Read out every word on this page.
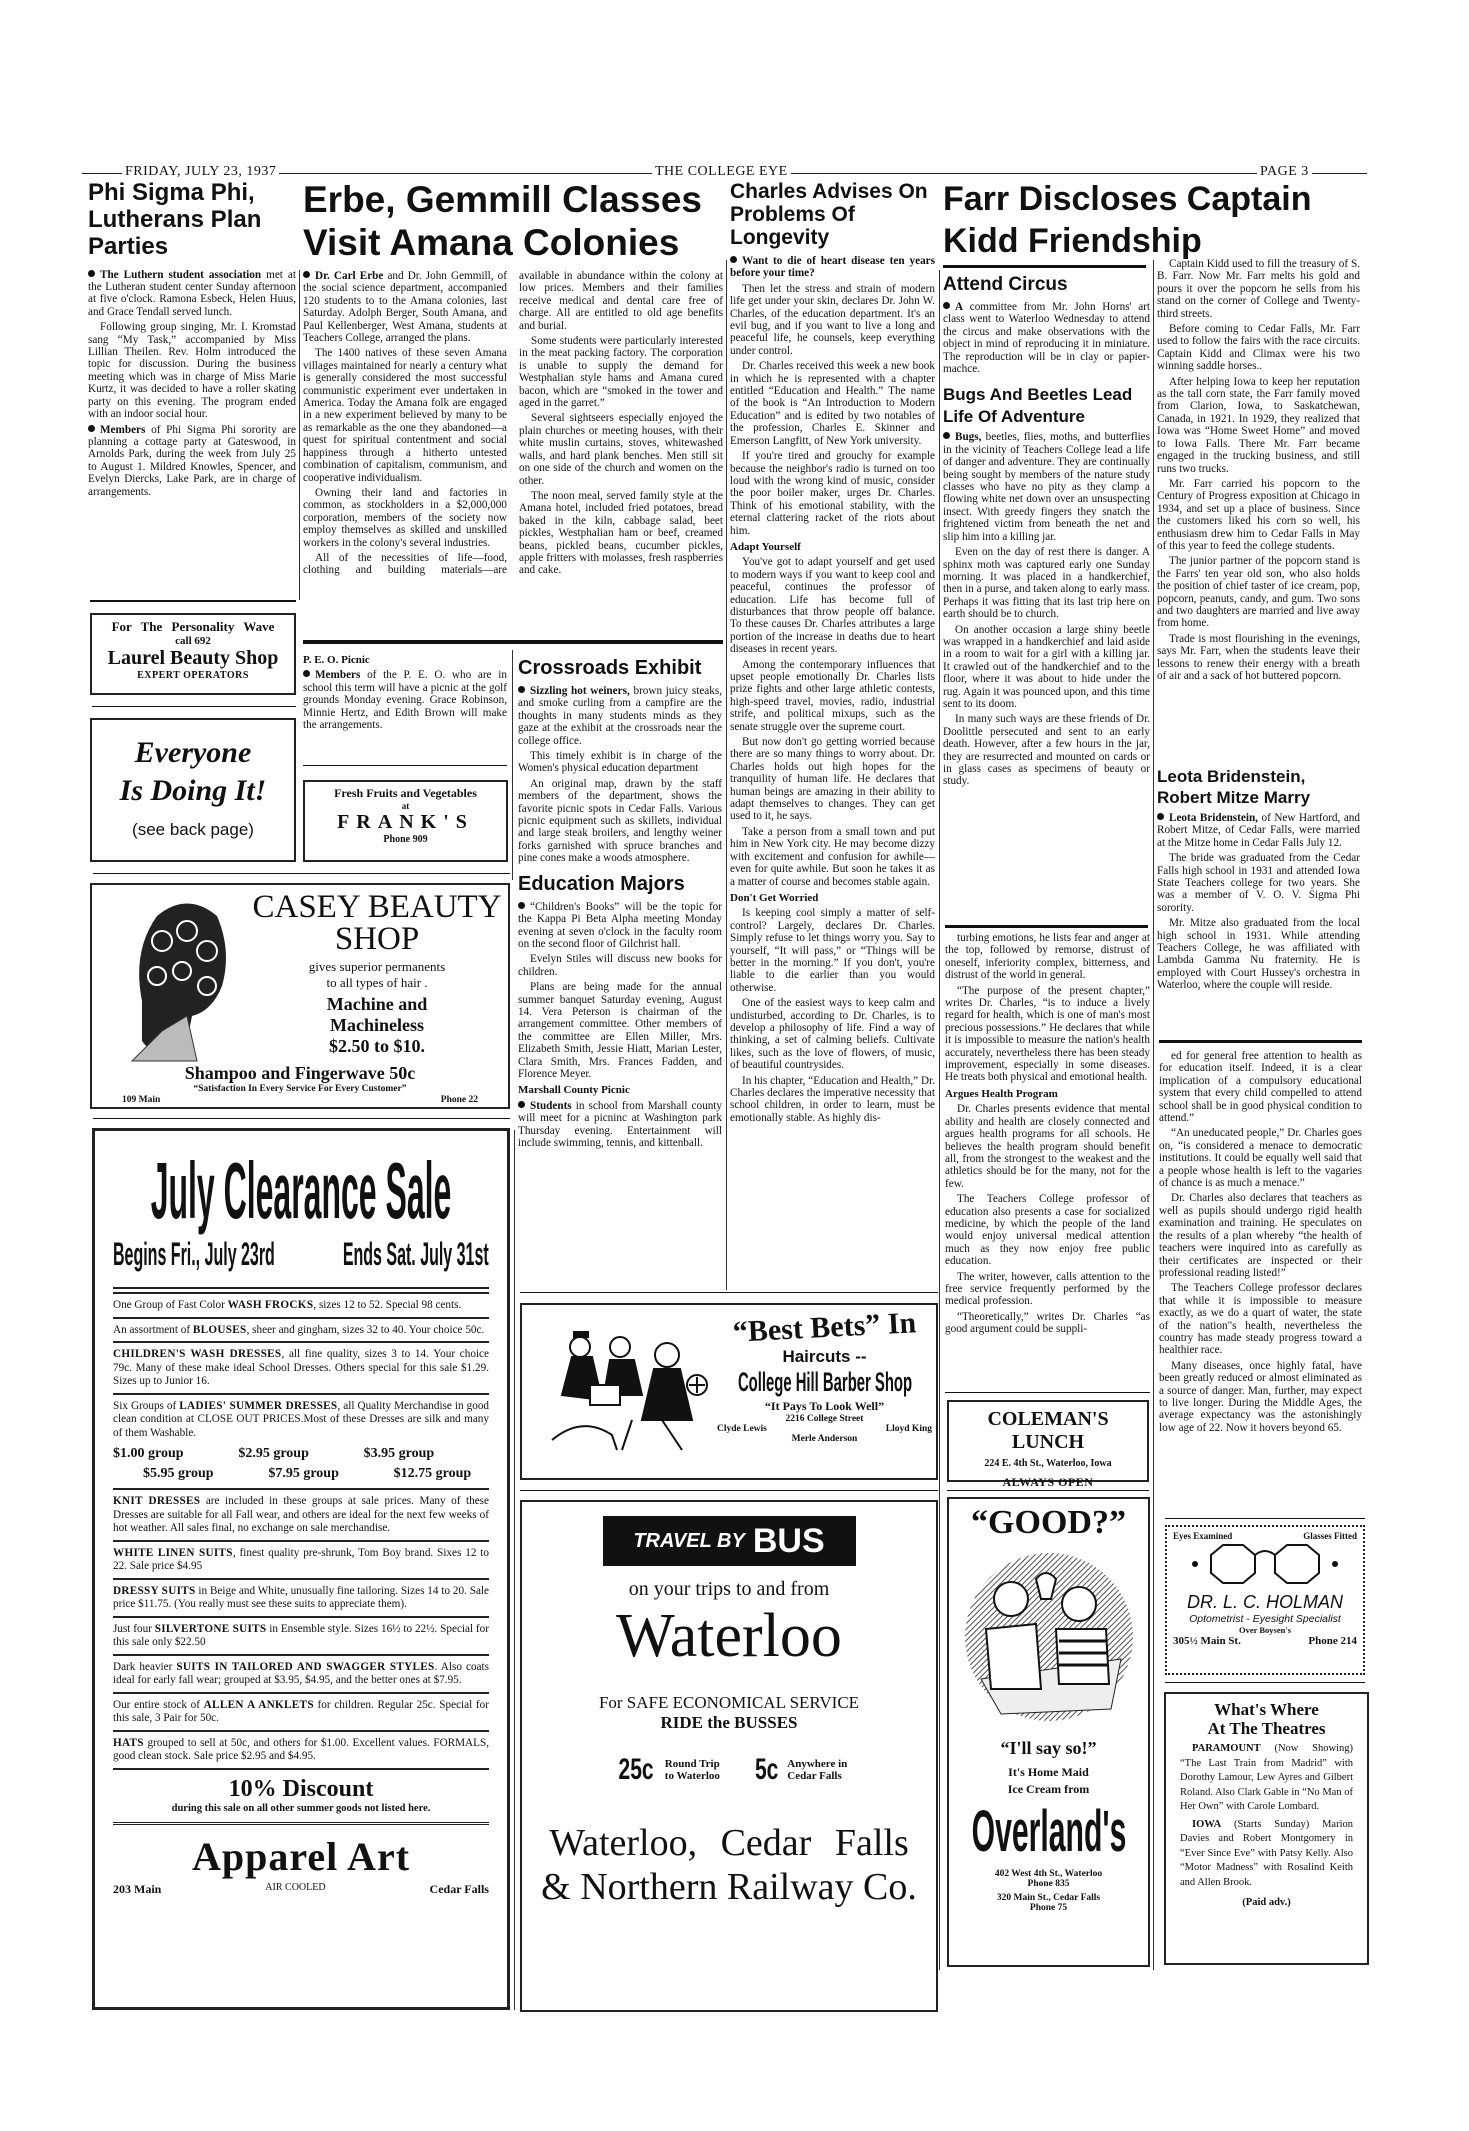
FRIDAY, JULY 23, 1937	THE COLLEGE EYE	PAGE 3
Phi Sigma Phi, Lutherans Plan Parties

The Luthern student association met at the Lutheran student center Sunday afternoon at five o'clock. Ramona Esbeck, Helen Huus, and Grace Tendall served lunch.

Following group singing, Mr. I. Kromstad sang “My Task,” accompanied by Miss Lillian Theilen. Rev. Holm introduced the topic for discussion. During the business meeting which was in charge of Miss Marie Kurtz, it was decided to have a roller skating party on this evening. The program ended with an indoor social hour.

Members of Phi Sigma Phi sorority are planning a cottage party at Gateswood, in Arnolds Park, during the week from July 25 to August 1. Mildred Knowles, Spencer, and Evelyn Diercks, Lake Park, are in charge of arrangements.

For The Personality Wave
call 692
Laurel Beauty Shop
EXPERT OPERATORS
Everyone
Is Doing It!
(see back page)
CASEY BEAUTY
SHOP
gives superior permanents
to all types of hair .
Machine and
Machineless
$2.50 to $10.
Shampoo and Fingerwave 50c
“Satisfaction In Every Service For Every Customer”
109 Main	Phone 22
July Clearance Sale
Begins Fri., July 23rd Ends Sat. July 31st
One Group of Fast Color WASH FROCKS, sizes 12 to 52. Special 98 cents.
An assortment of BLOUSES, sheer and gingham, sizes 32 to 40. Your choice 50c.
CHILDREN'S WASH DRESSES, all fine quality, sizes 3 to 14. Your choice 79c. Many of these make ideal School Dresses. Others special for this sale $1.29. Sizes up to Junior 16.
Six Groups of LADIES' SUMMER DRESSES, all Quality Merchandise in good clean condition at CLOSE OUT PRICES.Most of these Dresses are silk and many of them Washable.
$1.00 group	$2.95 group	$3.95 group
$5.95 group	$7.95 group	$12.75 group
KNIT DRESSES are included in these groups at sale prices. Many of these Dresses are suitable for all Fall wear, and others are ideal for the next few weeks of hot weather. All sales final, no exchange on sale merchandise.
WHITE LINEN SUITS, finest quality pre-shrunk, Tom Boy brand. Sixes 12 to 22. Sale price $4.95
DRESSY SUITS in Beige and White, unusually fine tailoring. Sizes 14 to 20. Sale price $11.75. (You really must see these suits to appreciate them).
Just four SILVERTONE SUITS in Ensemble style. Sizes 16½ to 22½. Special for this sale only $22.50
Dark heavier SUITS IN TAILORED AND SWAGGER STYLES. Also coats ideal for early fall wear; grouped at $3.95, $4.95, and the better ones at $7.95.
Our entire stock of ALLEN A ANKLETS for children. Regular 25c. Special for this sale, 3 Pair for 50c.
HATS grouped to sell at 50c, and others for $1.00. Excellent values. FORMALS, good clean stock. Sale price $2.95 and $4.95.
10% Discount
during this sale on all other summer goods not listed here.
Apparel Art
203 Main	AIR COOLED	Cedar Falls
Erbe, Gemmill Classes Visit Amana Colonies

Dr. Carl Erbe and Dr. John Gemmill, of the social science department, accompanied 120 students to to the Amana colonies, last Saturday. Adolph Berger, South Amana, and Paul Kellenberger, West Amana, students at Teachers College, arranged the plans.

The 1400 natives of these seven Amana villages maintained for nearly a century what is generally considered the most successful communistic experiment ever undertaken in America. Today the Amana folk are engaged in a new experiment believed by many to be as remarkable as the one they abandoned—a quest for spiritual contentment and social happiness through a hitherto untested combination of capitalism, communism, and cooperative individualism.

Owning their land and factories in common, as stockholders in a $2,000,000 corporation, members of the society now employ themselves as skilled and unskilled workers in the colony's several industries.

All of the necessities of life—food, clothing and building materials—are available in abundance within the colony at low prices. Members and their families receive medical and dental care free of charge. All are entitled to old age benefits and burial.

Some students were particularly interested in the meat packing factory. The corporation is unable to supply the demand for Westphalian style hams and Amana cured bacon, which are “smoked in the tower and aged in the garret.”

Several sightseers especially enjoyed the plain churches or meeting houses, with their white muslin curtains, stoves, whitewashed walls, and hard plank benches. Men still sit on one side of the church and women on the other.

The noon meal, served family style at the Amana hotel, included fried potatoes, bread baked in the kiln, cabbage salad, beet pickles, Westphalian ham or beef, creamed beans, pickled beans, cucumber pickles, apple fritters with molasses, fresh raspberries and cake.

P. E. O. Picnic

Members of the P. E. O. who are in school this term will have a picnic at the golf grounds Monday evening. Grace Robinson, Minnie Hertz, and Edith Brown will make the arrangements.

Fresh Fruits and Vegetables
at
FRANK'S
Phone 909
Crossroads Exhibit

Sizzling hot weiners, brown juicy steaks, and smoke curling from a campfire are the thoughts in many students minds as they gaze at the exhibit at the crossroads near the college office.

This timely exhibit is in charge of the Women's physical education department

An original map, drawn by the staff members of the department, shows the favorite picnic spots in Cedar Falls. Various picnic equipment such as skillets, individual and large steak broilers, and lengthy weiner forks garnished with spruce branches and pine cones make a woods atmosphere.

Education Majors

“Children's Books” will be the topic for the Kappa Pi Beta Alpha meeting Monday evening at seven o'clock in the faculty room on the second floor of Gilchrist hall.

Evelyn Stiles will discuss new books for children.

Plans are being made for the annual summer banquet Saturday evening, August 14. Vera Peterson is chairman of the arrangement committee. Other members of the committee are Ellen Miller, Mrs. Elizabeth Smith, Jessie Hiatt, Marian Lester, Clara Smith, Mrs. Frances Fadden, and Florence Meyer.

Marshall County Picnic

Students in school from Marshall county will meet for a picninc at Washington park Thursday evening. Entertainment will include swimming, tennis, and kittenball.

Charles Advises On Problems Of Longevity

Want to die of heart disease ten years before your time?

Then let the stress and strain of modern life get under your skin, declares Dr. John W. Charles, of the education department. It's an evil bug, and if you want to live a long and peaceful life, he counsels, keep everything under control.

Dr. Charles received this week a new book in which he is represented with a chapter entitled “Education and Health.” The name of the book is “An Introduction to Modern Education” and is edited by two notables of the profession, Charles E. Skinner and Emerson Langfitt, of New York university.

If you're tired and grouchy for example because the neighbor's radio is turned on too loud with the wrong kind of music, consider the poor boiler maker, urges Dr. Charles. Think of his emotional stability, with the eternal clattering racket of the riots about him.

Adapt Yourself

You've got to adapt yourself and get used to modern ways if you want to keep cool and peaceful, continues the professor of education. Life has become full of disturbances that throw people off balance. To these causes Dr. Charles attributes a large portion of the increase in deaths due to heart diseases in recent years.

Among the contemporary influences that upset people emotionally Dr. Charles lists prize fights and other large athletic contests, high-speed travel, movies, radio, industrial strife, and political mixups, such as the senate struggle over the supreme court.

But now don't go getting worried because there are so many things to worry about. Dr. Charles holds out high hopes for the tranquility of human life. He declares that human beings are amazing in their ability to adapt themselves to changes. They can get used to it, he says.

Take a person from a small town and put him in New York city. He may become dizzy with excitement and confusion for awhile—even for quite awhile. But soon he takes it as a matter of course and becomes stable again.

Don't Get Worried

Is keeping cool simply a matter of self-control? Largely, declares Dr. Charles. Simply refuse to let things worry you. Say to yourself, “It will pass,” or “Things will be better in the morning.” If you don't, you're liable to die earlier than you would otherwise.

One of the easiest ways to keep calm and undisturbed, according to Dr. Charles, is to develop a philosophy of life. Find a way of thinking, a set of calming beliefs. Cultivate likes, such as the love of flowers, of music, of beautiful countrysides.

In his chapter, “Education and Health,” Dr. Charles declares the imperative necessity that school children, in order to learn, must be emotionally stable. As highly dis-

“Best Bets” In
Haircuts --
College Hill Barber Shop
“It Pays To Look Well”
2216 College Street
Clyde Lewis	Lloyd King
Merle Anderson
TRAVEL BY BUS
on your trips to and from
Waterloo
For SAFE ECONOMICAL SERVICE
RIDE the BUSSES
25c Round Trip
to Waterloo 5c Anywhere in
Cedar Falls
Waterloo, Cedar Falls
& Northern Railway Co.
Farr Discloses Captain Kidd Friendship
Attend Circus

A committee from Mr. John Horns' art class went to Waterloo Wednesday to attend the circus and make observations with the object in mind of reproducing it in miniature. The reproduction will be in clay or papier-machce.

Bugs And Beetles Lead Life Of Adventure

Bugs, beetles, flies, moths, and butterflies in the vicinity of Teachers College lead a life of danger and adventure. They are continually being sought by members of the nature study classes who have no pity as they clamp a flowing white net down over an unsuspecting insect. With greedy fingers they snatch the frightened victim from beneath the net and slip him into a killing jar.

Even on the day of rest there is danger. A sphinx moth was captured early one Sunday morning. It was placed in a handkerchief, then in a purse, and taken along to early mass. Perhaps it was fitting that its last trip here on earth should be to church.

On another occasion a large shiny beetle was wrapped in a handkerchief and laid aside in a room to wait for a girl with a killing jar. It crawled out of the handkerchief and to the floor, where it was about to hide under the rug. Again it was pounced upon, and this time sent to its doom.

In many such ways are these friends of Dr. Doolittle persecuted and sent to an early death. However, after a few hours in the jar, they are resurrected and mounted on cards or in glass cases as specimens of beauty or study.

turbing emotions, he lists fear and anger at the top, followed by remorse, distrust of oneself, inferiority complex, bitterness, and distrust of the world in general.

“The purpose of the present chapter,” writes Dr. Charles, “is to induce a lively regard for health, which is one of man's most precious possessions.” He declares that while it is impossible to measure the nation's health accurately, nevertheless there has been steady improvement, especially in some diseases. He treats both physical and emotional health.

Argues Health Program

Dr. Charles presents evidence that mental ability and health are closely connected and argues health programs for all schools. He believes the health program should benefit all, from the strongest to the weakest and the athletics should be for the many, not for the few.

The Teachers College professor of education also presents a case for socialized medicine, by which the people of the land would enjoy universal medical attention much as they now enjoy free public education.

The writer, however, calls attention to the free service frequently performed by the medical profession.

“Theoretically,” writes Dr. Charles “as good argument could be suppli-

COLEMAN'S LUNCH
224 E. 4th St., Waterloo, Iowa
ALWAYS OPEN
“GOOD?”
“I'll say so!”
It's Home Maid
Ice Cream from
Overland's
402 West 4th St., Waterloo
Phone 835
320 Main St., Cedar Falls
Phone 75

Captain Kidd used to fill the treasury of S. B. Farr. Now Mr. Farr melts his gold and pours it over the popcorn he sells from his stand on the corner of College and Twenty-third streets.

Before coming to Cedar Falls, Mr. Farr used to follow the fairs with the race circuits. Captain Kidd and Climax were his two winning saddle horses..

After helping Iowa to keep her reputation as the tall corn state, the Farr family moved from Clarion, Iowa, to Saskatchewan, Canada, in 1921. In 1929, they realized that Iowa was “Home Sweet Home” and moved to Iowa Falls. There Mr. Farr became engaged in the trucking business, and still runs two trucks.

Mr. Farr carried his popcorn to the Century of Progress exposition at Chicago in 1934, and set up a place of business. Since the customers liked his corn so well, his enthusiasm drew him to Cedar Falls in May of this year to feed the college students.

The junior partner of the popcorn stand is the Farrs' ten year old son, who also holds the position of chief taster of ice cream, pop, popcorn, peanuts, candy, and gum. Two sons and two daughters are married and live away from home.

Trade is most flourishing in the evenings, says Mr. Farr, when the students leave their lessons to renew their energy with a breath of air and a sack of hot buttered popcorn.

Leota Bridenstein, Robert Mitze Marry

Leota Bridenstein, of New Hartford, and Robert Mitze, of Cedar Falls, were married at the Mitze home in Cedar Falls July 12.

The bride was graduated from the Cedar Falls high school in 1931 and attended Iowa State Teachers college for two years. She was a member of V. O. V. Sigma Phi sorority.

Mr. Mitze also graduated from the local high school in 1931. While attending Teachers College, he was affiliated with Lambda Gamma Nu fraternity. He is employed with Court Hussey's orchestra in Waterloo, where the couple will reside.

ed for general free attention to health as for education itself. Indeed, it is a clear implication of a compulsory educational system that every child compelled to attend school shall be in good physical condition to attend.”

“An uneducated people,” Dr. Charles goes on, “is considered a menace to democratic institutions. It could be equally well said that a people whose health is left to the vagaries of chance is as much a menace.”

Dr. Charles also declares that teachers as well as pupils should undergo rigid health examination and training. He speculates on the results of a plan whereby “the health of teachers were inquired into as carefully as their certificates are inspected or their professional reading listed!”

The Teachers College professor declares that while it is impossible to measure exactly, as we do a quart of water, the state of the nation"s health, nevertheless the country has made steady progress toward a healthier race.

Many diseases, once highly fatal, have been greatly reduced or almost eliminated as a source of danger. Man, further, may expect to live longer. During the Middle Ages, the average expectancy was the astonishingly low age of 22. Now it hovers beyond 65.

Eyes Examined	Glasses Fitted
DR. L. C. HOLMAN
Optometrist - Eyesight Specialist
Over Boysen's
305½ Main St.	Phone 214
What's Where
At The Theatres

PARAMOUNT (Now Showing) “The Last Train from Madrid” with Dorothy Lamour, Lew Ayres and Gilbert Roland. Also Clark Gable in “No Man of Her Own” with Carole Lombard.

IOWA (Starts Sunday) Marion Davies and Robert Montgomery in “Ever Since Eve” with Patsy Kelly. Also “Motor Madness” with Rosalind Keith and Allen Brook.

(Paid adv.)
